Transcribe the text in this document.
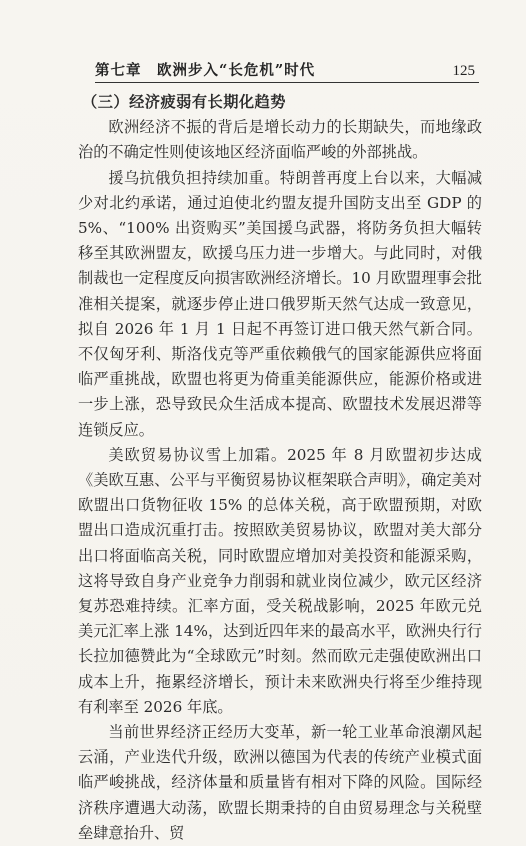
第七章　欧洲步入“长危机”时代	125
（三）经济疲弱有长期化趋势

欧洲经济不振的背后是增长动力的长期缺失，而地缘政治的不确定性则使该地区经济面临严峻的外部挑战。

援乌抗俄负担持续加重。特朗普再度上台以来，大幅减少对北约承诺，通过迫使北约盟友提升国防支出至 GDP 的 5%、“100% 出资购买”美国援乌武器，将防务负担大幅转移至其欧洲盟友，欧援乌压力进一步增大。与此同时，对俄制裁也一定程度反向损害欧洲经济增长。10 月欧盟理事会批准相关提案，就逐步停止进口俄罗斯天然气达成一致意见，拟自 2026 年 1 月 1 日起不再签订进口俄天然气新合同。不仅匈牙利、斯洛伐克等严重依赖俄气的国家能源供应将面临严重挑战，欧盟也将更为倚重美能源供应，能源价格或进一步上涨，恐导致民众生活成本提高、欧盟技术发展迟滞等连锁反应。

美欧贸易协议雪上加霜。2025 年 8 月欧盟初步达成《美欧互惠、公平与平衡贸易协议框架联合声明》，确定美对欧盟出口货物征收 15% 的总体关税，高于欧盟预期，对欧盟出口造成沉重打击。按照欧美贸易协议，欧盟对美大部分出口将面临高关税，同时欧盟应增加对美投资和能源采购，这将导致自身产业竞争力削弱和就业岗位减少，欧元区经济复苏恐难持续。汇率方面，受关税战影响，2025 年欧元兑美元汇率上涨 14%，达到近四年来的最高水平，欧洲央行行长拉加德赞此为“全球欧元”时刻。然而欧元走强使欧洲出口成本上升，拖累经济增长，预计未来欧洲央行将至少维持现有利率至 2026 年底。

当前世界经济正经历大变革，新一轮工业革命浪潮风起云涌，产业迭代升级，欧洲以德国为代表的传统产业模式面临严峻挑战，经济体量和质量皆有相对下降的风险。国际经济秩序遭遇大动荡，欧盟长期秉持的自由贸易理念与关税壁垒肆意抬升、贸
